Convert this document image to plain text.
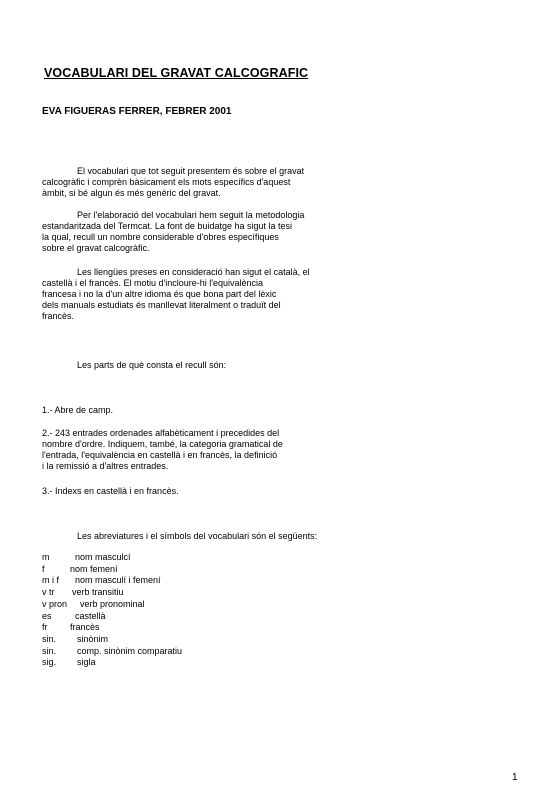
VOCABULARI DEL GRAVAT CALCOGRAFIC
EVA FIGUERAS FERRER, FEBRER 2001
El vocabulari que tot seguit presentem és sobre el gravat
calcogràfic i comprèn bàsicament els mots específics d'aquest
àmbit, si bé algun és més genèric del gravat.
Per l'elaboració del vocabulari hem seguit la metodologia
estandaritzada del Termcat. La font de buidatge ha sigut la tesi
la qual, recull un nombre considerable d'obres específiques
sobre el gravat calcogràfic.
Les llengües preses en consideració han sigut el català, el
castellà i el francès. El motiu d'incloure-hi l'equivalència
francesa i no la d'un altre idioma és que bona part del lèxic
dels manuals estudiats és manllevat literalment o traduït del
francès.
Les parts de què consta el recull són:
1.- Abre de camp.
2.- 243 entrades ordenades alfabèticament i precedides del
nombre d'ordre. Indiquem, també, la categoria gramatical de
l'entrada, l'equivalència en castellà i en francès, la definició
i la remissió a d'altres entrades.
3.- Indexs en castellà i en francès.
Les abreviatures i el símbols del vocabulari són el següents:
m	nom masculcí
f	nom femení
m i f	nom masculí i femení
v tr	verb transitiu
v pron	verb pronominal
es	castellà
fr	francès
sin.	sinònim
sin.	comp. sinònim comparatiu
sig.	sigla
1
